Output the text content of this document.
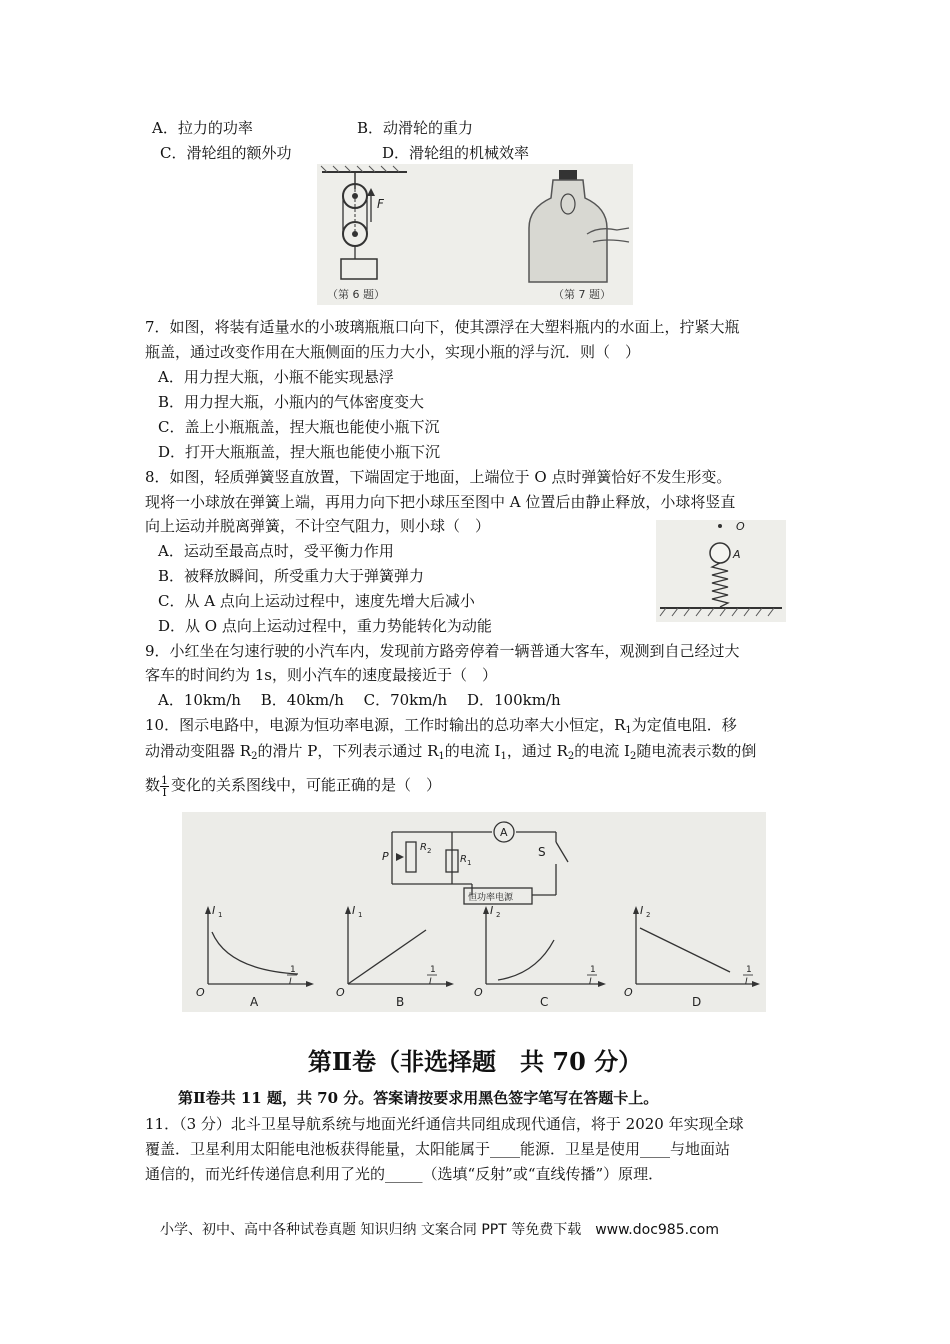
A．拉力的功率	B．动滑轮的重力
C．滑轮组的额外功	D．滑轮组的机械效率
F
（第 6 题）	（第 7 题）
7．如图，将装有适量水的小玻璃瓶瓶口向下，使其漂浮在大塑料瓶内的水面上，拧紧大瓶
瓶盖，通过改变作用在大瓶侧面的压力大小，实现小瓶的浮与沉．则（　）
A．用力捏大瓶，小瓶不能实现悬浮
B．用力捏大瓶，小瓶内的气体密度变大
C．盖上小瓶瓶盖，捏大瓶也能使小瓶下沉
D．打开大瓶瓶盖，捏大瓶也能使小瓶下沉
8．如图，轻质弹簧竖直放置，下端固定于地面，上端位于 O 点时弹簧恰好不发生形变。
现将一小球放在弹簧上端，再用力向下把小球压至图中 A 位置后由静止释放，小球将竖直
向上运动并脱离弹簧，不计空气阻力，则小球（　）
A．运动至最高点时，受平衡力作用
B．被释放瞬间，所受重力大于弹簧弹力
C．从 A 点向上运动过程中，速度先增大后减小
D．从 O 点向上运动过程中，重力势能转化为动能
O
A
9．小红坐在匀速行驶的小汽车内，发现前方路旁停着一辆普通大客车，观测到自己经过大
客车的时间约为 1s，则小汽车的速度最接近于（　）
A．10km/h　 B．40km/h　 C．70km/h　 D．100km/h
10．图示电路中，电源为恒功率电源，工作时输出的总功率大小恒定，$R_1$为定值电阻．移
动滑动变阻器 $R_2$的滑片 P，下列表示通过 $R_1$的电流 $I_1$，通过 $R_2$的电流 $I_2$随电流表示数的倒
数 $\frac{1}{I}$ 变化的关系图线中，可能正确的是（　）
A
S
P
R 2
R 1
恒功率电源
O
I 1
1
I
A
O
I 1
1
I
B
O
I 2
1
I
C
O
I 2
1
I
D
第Ⅱ卷（非选择题　共 70 分）
第Ⅱ卷共 11 题，共 70 分。答案请按要求用黑色签字笔写在答题卡上。
11．（3 分）北斗卫星导航系统与地面光纤通信共同组成现代通信，将于 2020 年实现全球
覆盖．卫星利用太阳能电池板获得能量，太阳能属于____能源．卫星是使用____与地面站
通信的，而光纤传递信息利用了光的_____（选填“反射”或“直线传播”）原理．
小学、初中、高中各种试卷真题 知识归纳 文案合同 PPT 等免费下载　www.doc985.com
